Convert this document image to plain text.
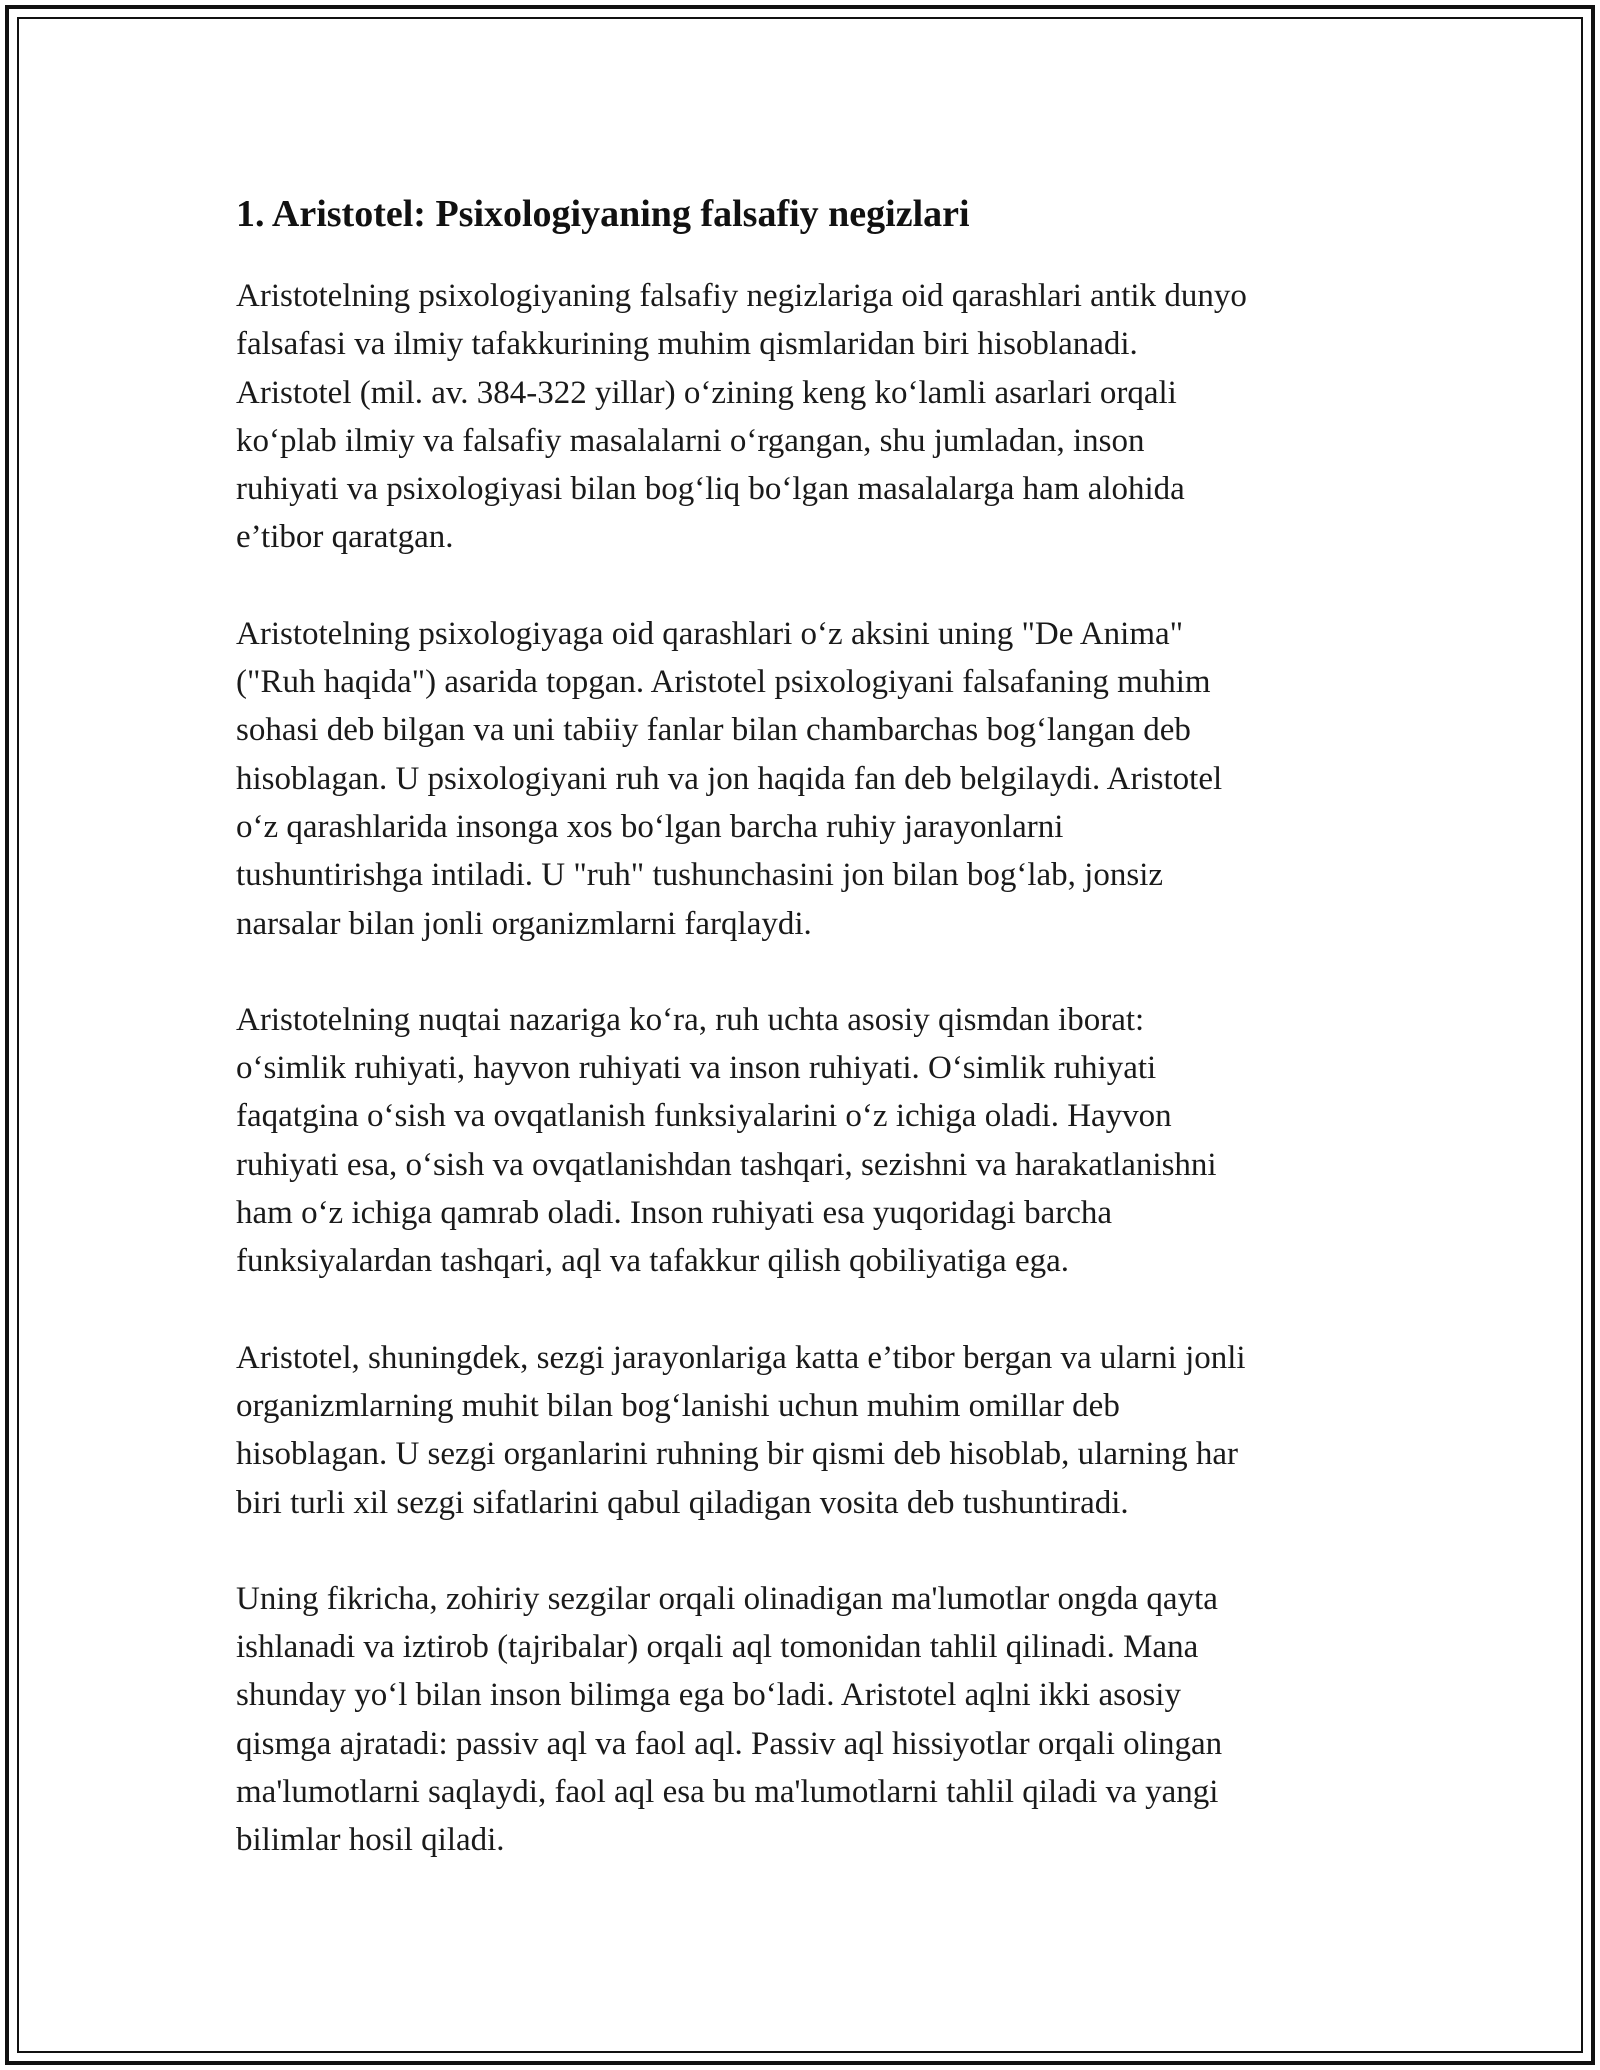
1. Aristotel: Psixologiyaning falsafiy negizlari

Aristotelning psixologiyaning falsafiy negizlariga oid qarashlari antik dunyo
falsafasi va ilmiy tafakkurining muhim qismlaridan biri hisoblanadi.
Aristotel (mil. av. 384-322 yillar) o‘zining keng ko‘lamli asarlari orqali
ko‘plab ilmiy va falsafiy masalalarni o‘rgangan, shu jumladan, inson
ruhiyati va psixologiyasi bilan bog‘liq bo‘lgan masalalarga ham alohida
e’tibor qaratgan.

Aristotelning psixologiyaga oid qarashlari o‘z aksini uning "De Anima"
("Ruh haqida") asarida topgan. Aristotel psixologiyani falsafaning muhim
sohasi deb bilgan va uni tabiiy fanlar bilan chambarchas bog‘langan deb
hisoblagan. U psixologiyani ruh va jon haqida fan deb belgilaydi. Aristotel
o‘z qarashlarida insonga xos bo‘lgan barcha ruhiy jarayonlarni
tushuntirishga intiladi. U "ruh" tushunchasini jon bilan bog‘lab, jonsiz
narsalar bilan jonli organizmlarni farqlaydi.

Aristotelning nuqtai nazariga ko‘ra, ruh uchta asosiy qismdan iborat:
o‘simlik ruhiyati, hayvon ruhiyati va inson ruhiyati. O‘simlik ruhiyati
faqatgina o‘sish va ovqatlanish funksiyalarini o‘z ichiga oladi. Hayvon
ruhiyati esa, o‘sish va ovqatlanishdan tashqari, sezishni va harakatlanishni
ham o‘z ichiga qamrab oladi. Inson ruhiyati esa yuqoridagi barcha
funksiyalardan tashqari, aql va tafakkur qilish qobiliyatiga ega.

Aristotel, shuningdek, sezgi jarayonlariga katta e’tibor bergan va ularni jonli
organizmlarning muhit bilan bog‘lanishi uchun muhim omillar deb
hisoblagan. U sezgi organlarini ruhning bir qismi deb hisoblab, ularning har
biri turli xil sezgi sifatlarini qabul qiladigan vosita deb tushuntiradi.

Uning fikricha, zohiriy sezgilar orqali olinadigan ma'lumotlar ongda qayta
ishlanadi va iztirob (tajribalar) orqali aql tomonidan tahlil qilinadi. Mana
shunday yo‘l bilan inson bilimga ega bo‘ladi. Aristotel aqlni ikki asosiy
qismga ajratadi: passiv aql va faol aql. Passiv aql hissiyotlar orqali olingan
ma'lumotlarni saqlaydi, faol aql esa bu ma'lumotlarni tahlil qiladi va yangi
bilimlar hosil qiladi.
